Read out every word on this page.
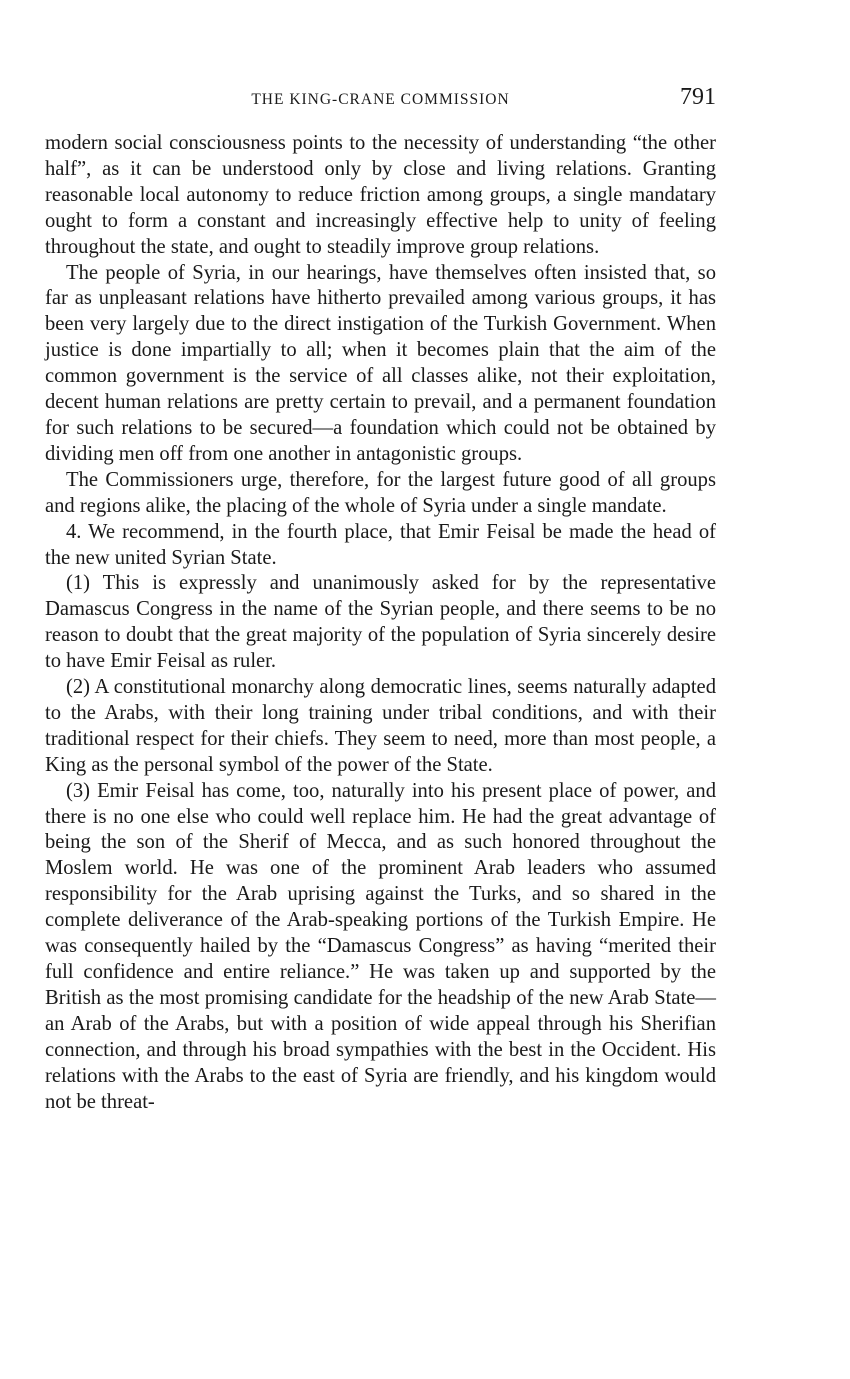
THE KING-CRANE COMMISSION	791

modern social consciousness points to the necessity of understanding “the other half”, as it can be understood only by close and living relations. Granting reasonable local autonomy to reduce friction among groups, a single mandatary ought to form a constant and increasingly effective help to unity of feeling throughout the state, and ought to steadily improve group relations.

The people of Syria, in our hearings, have themselves often insisted that, so far as unpleasant relations have hitherto prevailed among various groups, it has been very largely due to the direct instigation of the Turkish Government. When justice is done impartially to all; when it becomes plain that the aim of the common government is the service of all classes alike, not their exploitation, decent human relations are pretty certain to prevail, and a permanent foundation for such relations to be secured—a foundation which could not be obtained by dividing men off from one another in antagonistic groups.

The Commissioners urge, therefore, for the largest future good of all groups and regions alike, the placing of the whole of Syria under a single mandate.

4. We recommend, in the fourth place, that Emir Feisal be made the head of the new united Syrian State.

(1) This is expressly and unanimously asked for by the representative Damascus Congress in the name of the Syrian people, and there seems to be no reason to doubt that the great majority of the population of Syria sincerely desire to have Emir Feisal as ruler.

(2) A constitutional monarchy along democratic lines, seems naturally adapted to the Arabs, with their long training under tribal conditions, and with their traditional respect for their chiefs. They seem to need, more than most people, a King as the personal symbol of the power of the State.

(3) Emir Feisal has come, too, naturally into his present place of power, and there is no one else who could well replace him. He had the great advantage of being the son of the Sherif of Mecca, and as such honored throughout the Moslem world. He was one of the prominent Arab leaders who assumed responsibility for the Arab uprising against the Turks, and so shared in the complete deliverance of the Arab-speaking portions of the Turkish Empire. He was consequently hailed by the “Damascus Congress” as having “merited their full confidence and entire reliance.” He was taken up and supported by the British as the most promising candidate for the headship of the new Arab State—an Arab of the Arabs, but with a position of wide appeal through his Sherifian connection, and through his broad sympathies with the best in the Occident. His relations with the Arabs to the east of Syria are friendly, and his kingdom would not be threat-
